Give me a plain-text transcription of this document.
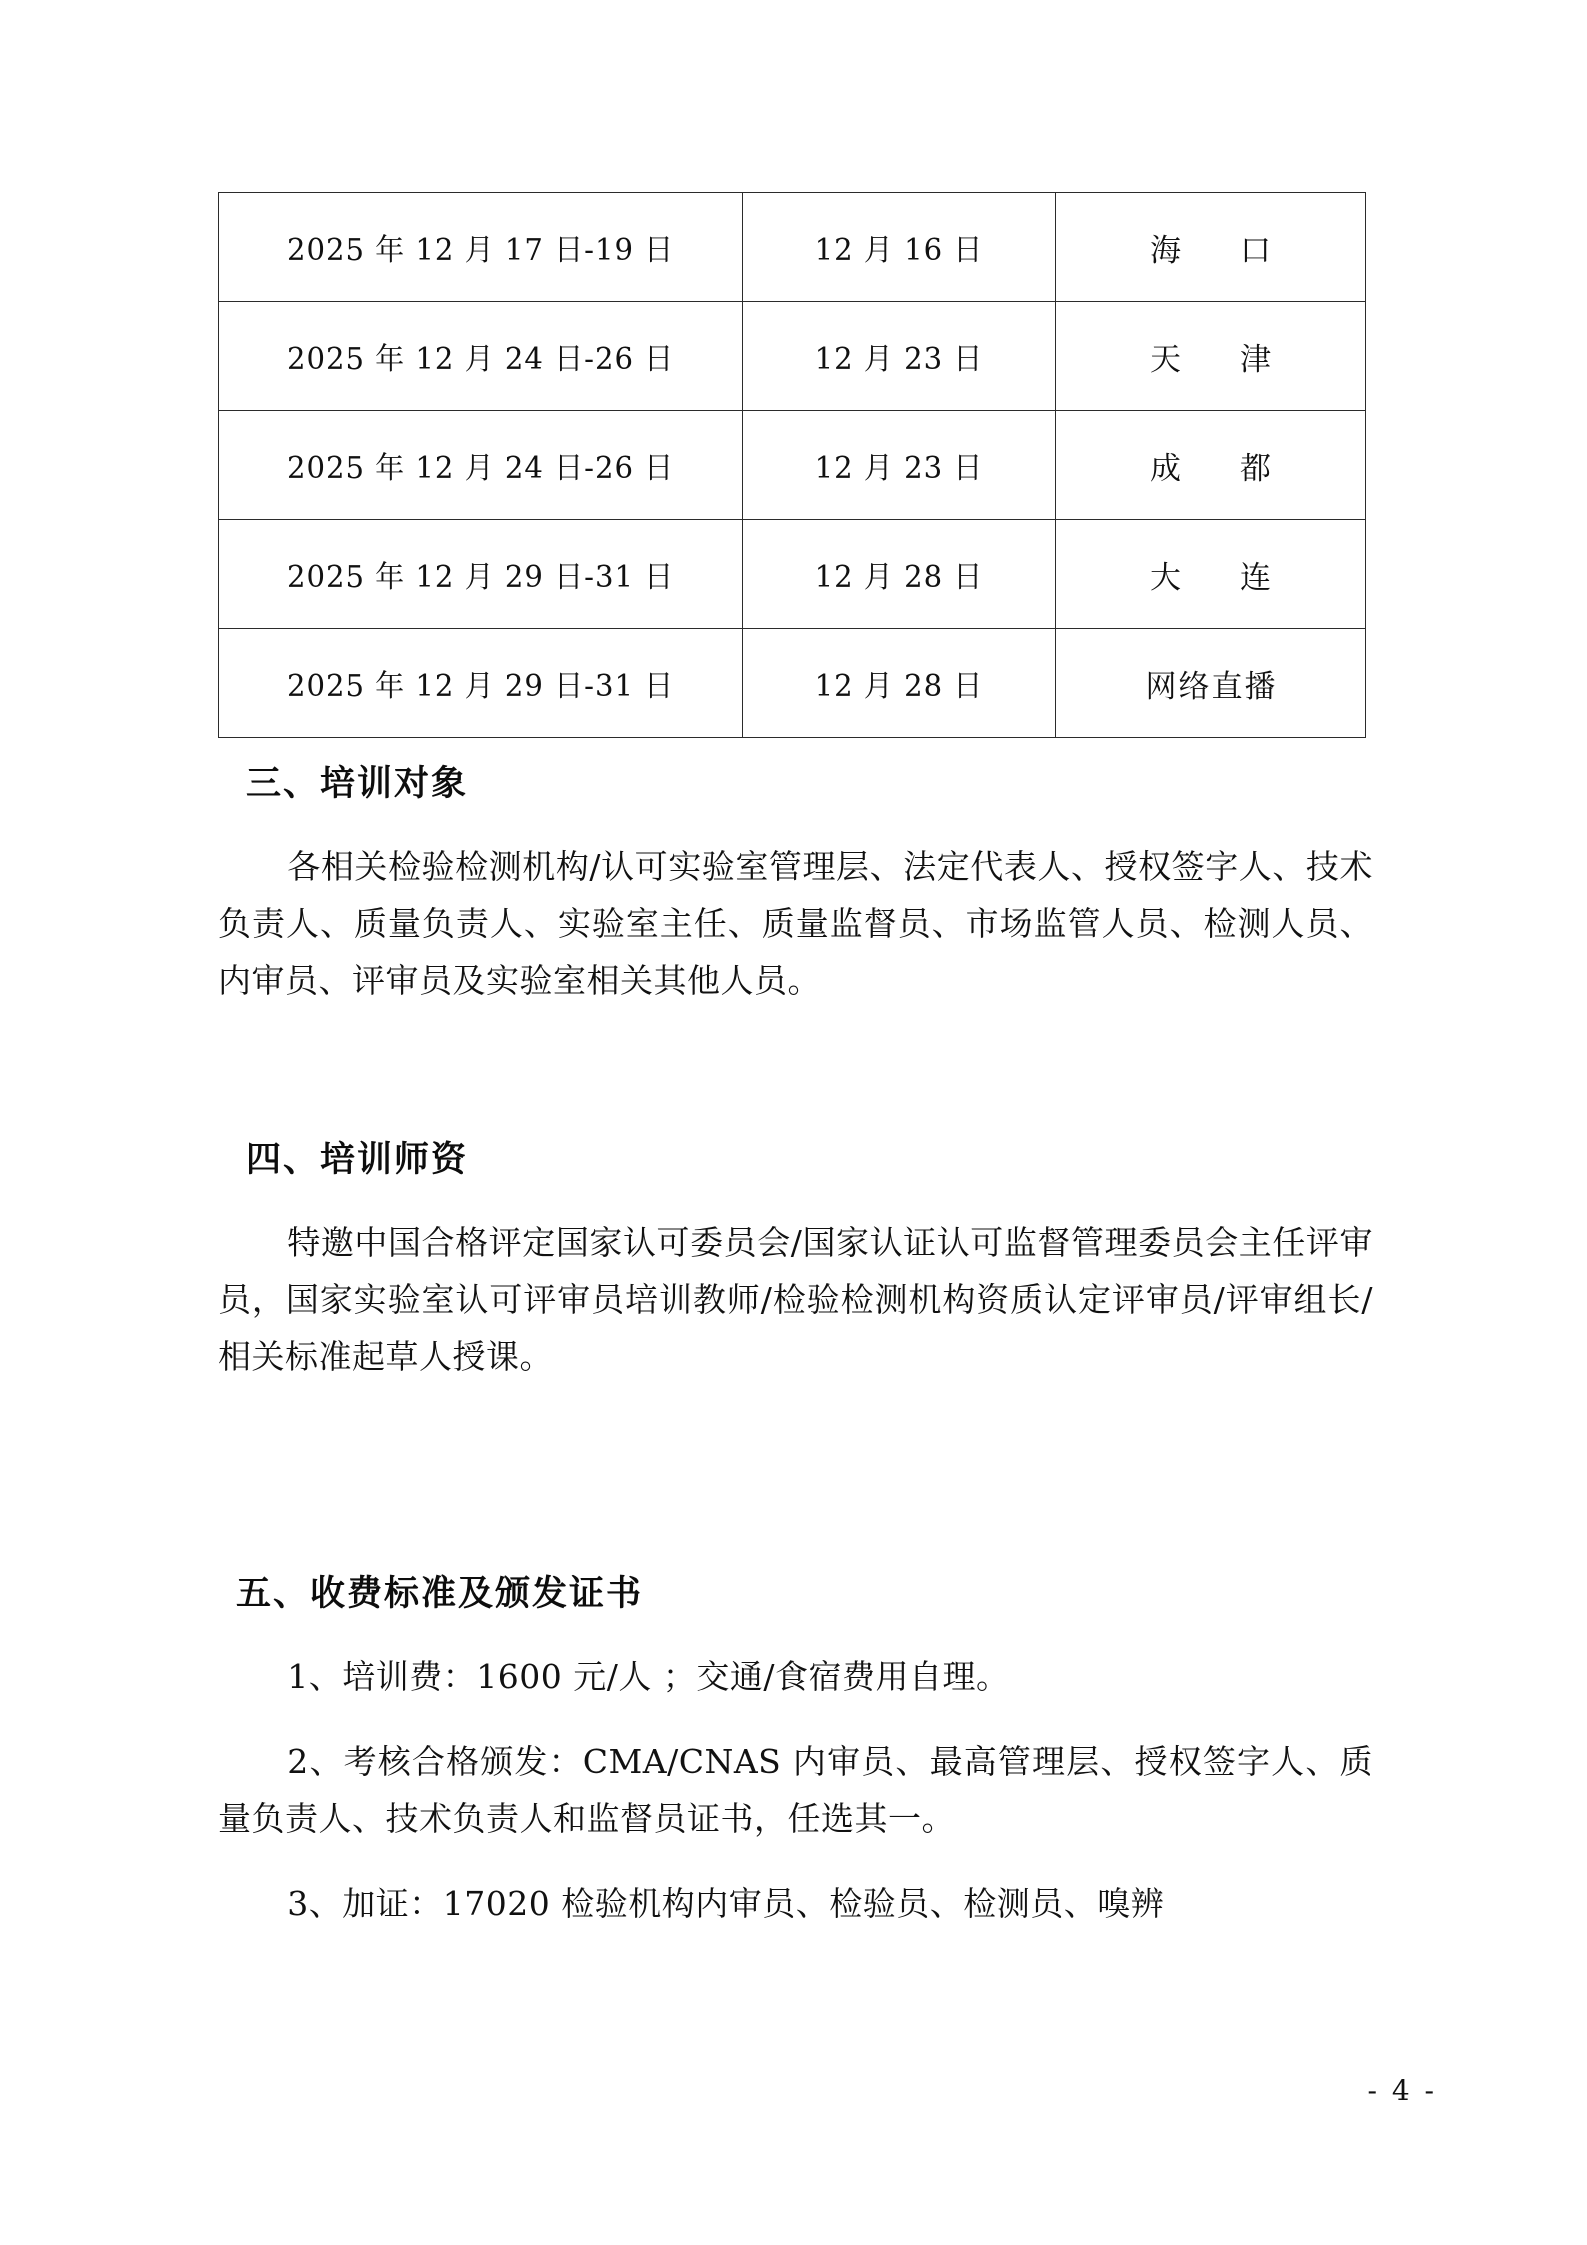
2025 年 12 月 17 日-19 日	12 月 16 日	海　口
2025 年 12 月 24 日-26 日	12 月 23 日	天　津
2025 年 12 月 24 日-26 日	12 月 23 日	成　都
2025 年 12 月 29 日-31 日	12 月 28 日	大　连
2025 年 12 月 29 日-31 日	12 月 28 日	网络直播
三、培训对象

各相关检验检测机构/认可实验室管理层、法定代表人、授权签字人、技术负责人、质量负责人、实验室主任、质量监督员、市场监管人员、检测人员、内审员、评审员及实验室相关其他人员。

四、培训师资

特邀中国合格评定国家认可委员会/国家认证认可监督管理委员会主任评审员，国家实验室认可评审员培训教师/检验检测机构资质认定评审员/评审组长/相关标准起草人授课。

五、收费标准及颁发证书

1、培训费：1600 元/人 ；交通/食宿费用自理。

2、考核合格颁发：CMA/CNAS 内审员、最高管理层、授权签字人、质量负责人、技术负责人和监督员证书，任选其一。

3、加证：17020 检验机构内审员、检验员、检测员、嗅辨

- 4 -
